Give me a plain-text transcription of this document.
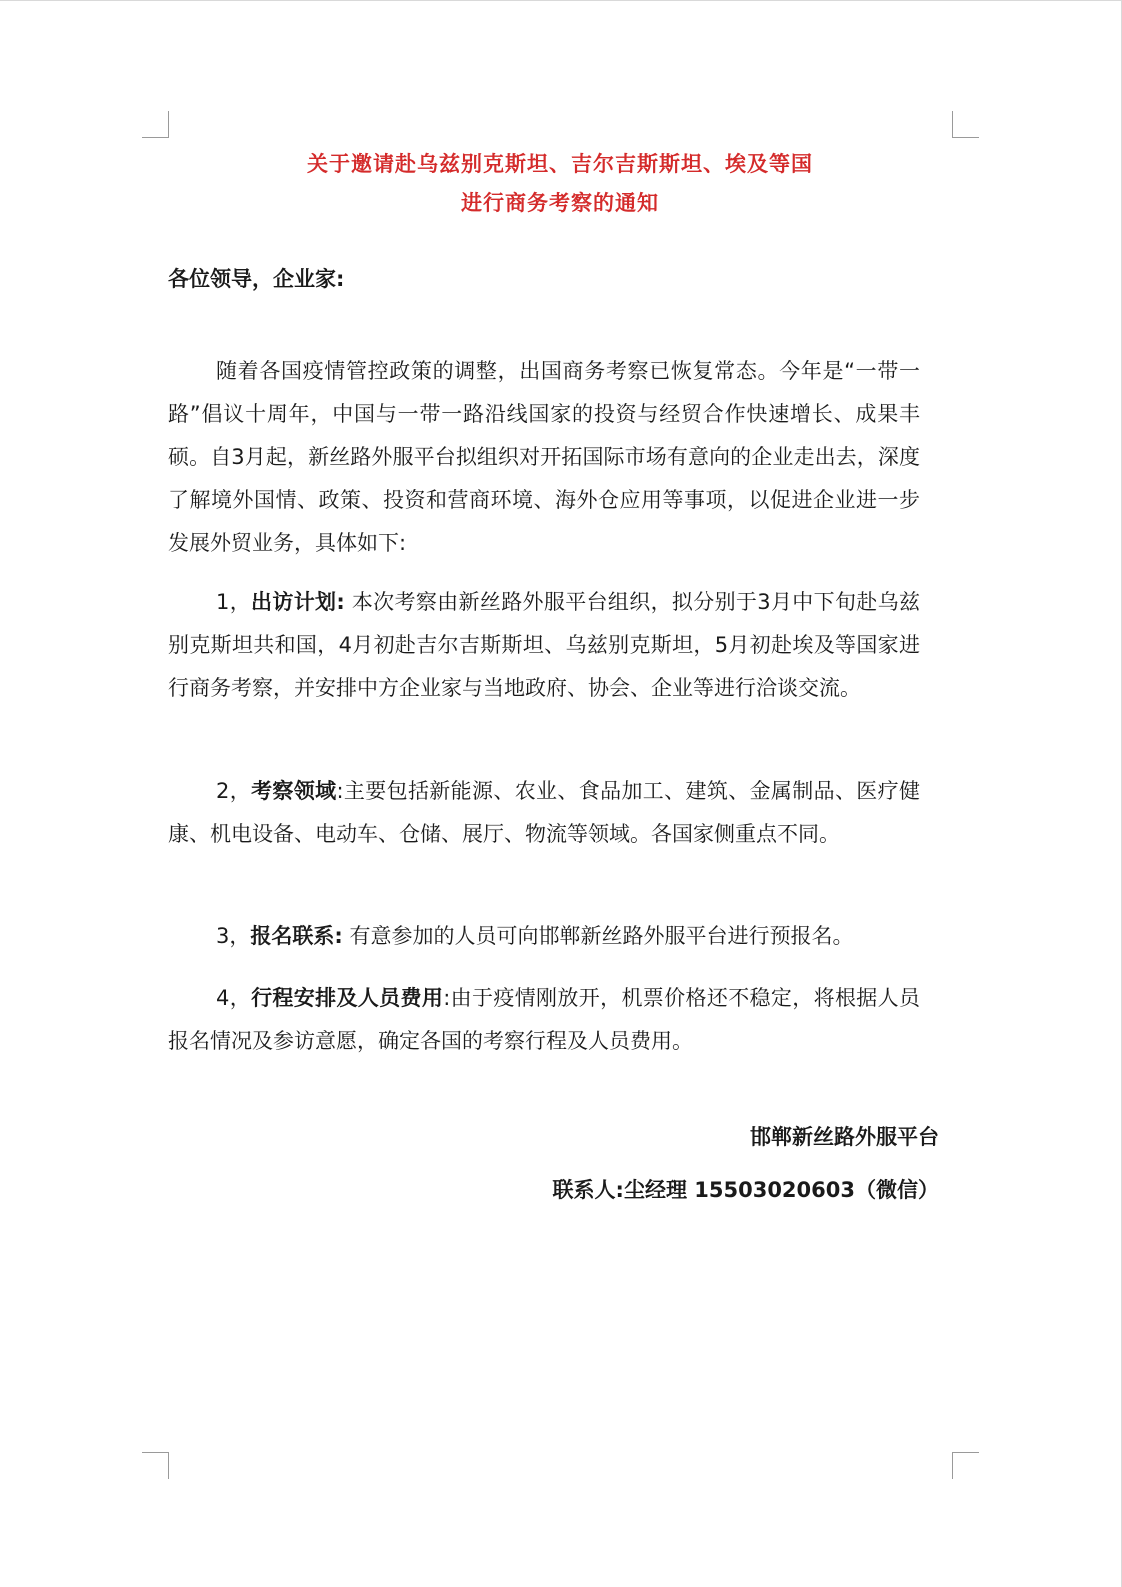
关于邀请赴乌兹别克斯坦、吉尔吉斯斯坦、埃及等国
进行商务考察的通知
各位领导，企业家:

随着各国疫情管控政策的调整，出国商务考察已恢复常态。今年是“一带一路”倡议十周年，中国与一带一路沿线国家的投资与经贸合作快速增长、成果丰硕。自3月起，新丝路外服平台拟组织对开拓国际市场有意向的企业走出去，深度了解境外国情、政策、投资和营商环境、海外仓应用等事项，以促进企业进一步发展外贸业务，具体如下:

1，出访计划: 本次考察由新丝路外服平台组织，拟分别于3月中下旬赴乌兹别克斯坦共和国，4月初赴吉尔吉斯斯坦、乌兹别克斯坦，5月初赴埃及等国家进行商务考察，并安排中方企业家与当地政府、协会、企业等进行洽谈交流。

2，考察领域:主要包括新能源、农业、食品加工、建筑、金属制品、医疗健康、机电设备、电动车、仓储、展厅、物流等领域。各国家侧重点不同。

3，报名联系: 有意参加的人员可向邯郸新丝路外服平台进行预报名。

4，行程安排及人员费用:由于疫情刚放开，机票价格还不稳定，将根据人员报名情况及参访意愿，确定各国的考察行程及人员费用。

邯郸新丝路外服平台
联系人:尘经理 15503020603（微信）
